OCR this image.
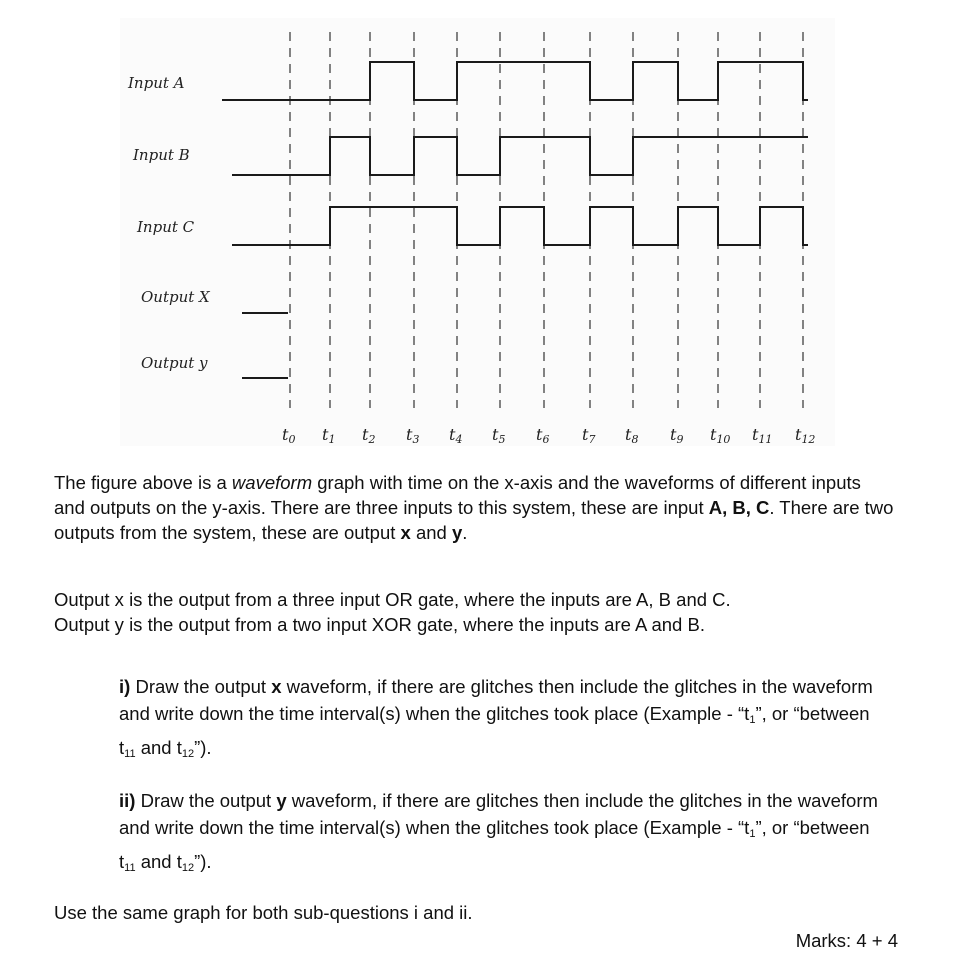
Input A
Input B
Input C
Output X
Output y
t0 t1 t2 t3 t4 t5 t6 t7 t8 t9 t10 t11 t12
The figure above is a waveform graph with time on the x-axis and the waveforms of different inputs and outputs on the y-axis. There are three inputs to this system, these are input A, B, C. There are two outputs from the system, these are output x and y.
Output x is the output from a three input OR gate, where the inputs are A, B and C.
Output y is the output from a two input XOR gate, where the inputs are A and B.
i) Draw the output x waveform, if there are glitches then include the glitches in the waveform and write down the time interval(s) when the glitches took place (Example - “t1”, or “between t11 and t12”).
ii) Draw the output y waveform, if there are glitches then include the glitches in the waveform and write down the time interval(s) when the glitches took place (Example - “t1”, or “between t11 and t12”).
Use the same graph for both sub-questions i and ii.
Marks: 4 + 4
